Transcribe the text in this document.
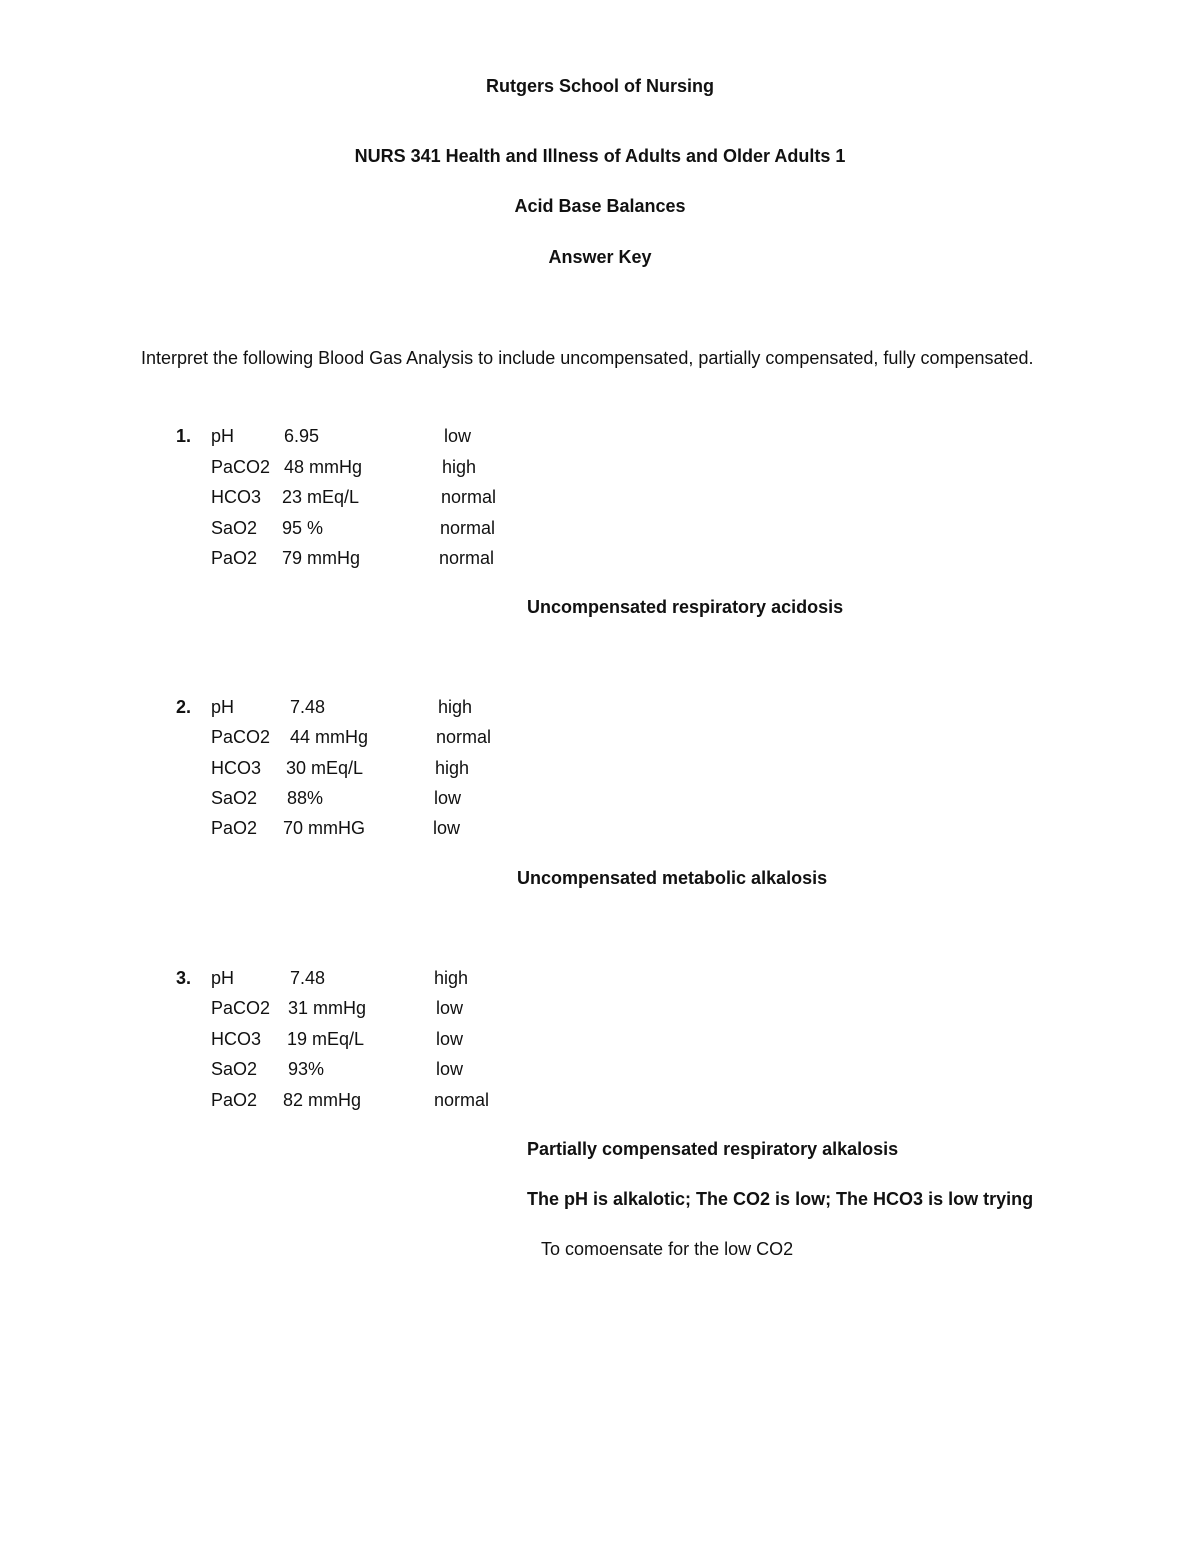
Rutgers School of Nursing
NURS 341 Health and Illness of Adults and Older Adults 1
Acid Base Balances
Answer Key
Interpret the following Blood Gas Analysis to include uncompensated, partially compensated, fully compensated.
1. pH	6.95	low
PaCO2 48 mmHg	high
HCO3 23 mEq/L	normal
SaO2 95 %	normal
PaO2 79 mmHg	normal
Uncompensated respiratory acidosis
2. pH	7.48	high
PaCO2 44 mmHg	normal
HCO3 30 mEq/L	high
SaO2 88%	low
PaO2 70 mmHG	low
Uncompensated metabolic alkalosis
3. pH	7.48	high
PaCO2 31 mmHg	low
HCO3 19 mEq/L	low
SaO2 93%	low
PaO2 82 mmHg	normal
Partially compensated respiratory alkalosis
The pH is alkalotic; The CO2 is low; The HCO3 is low trying
To comoensate for the low CO2
